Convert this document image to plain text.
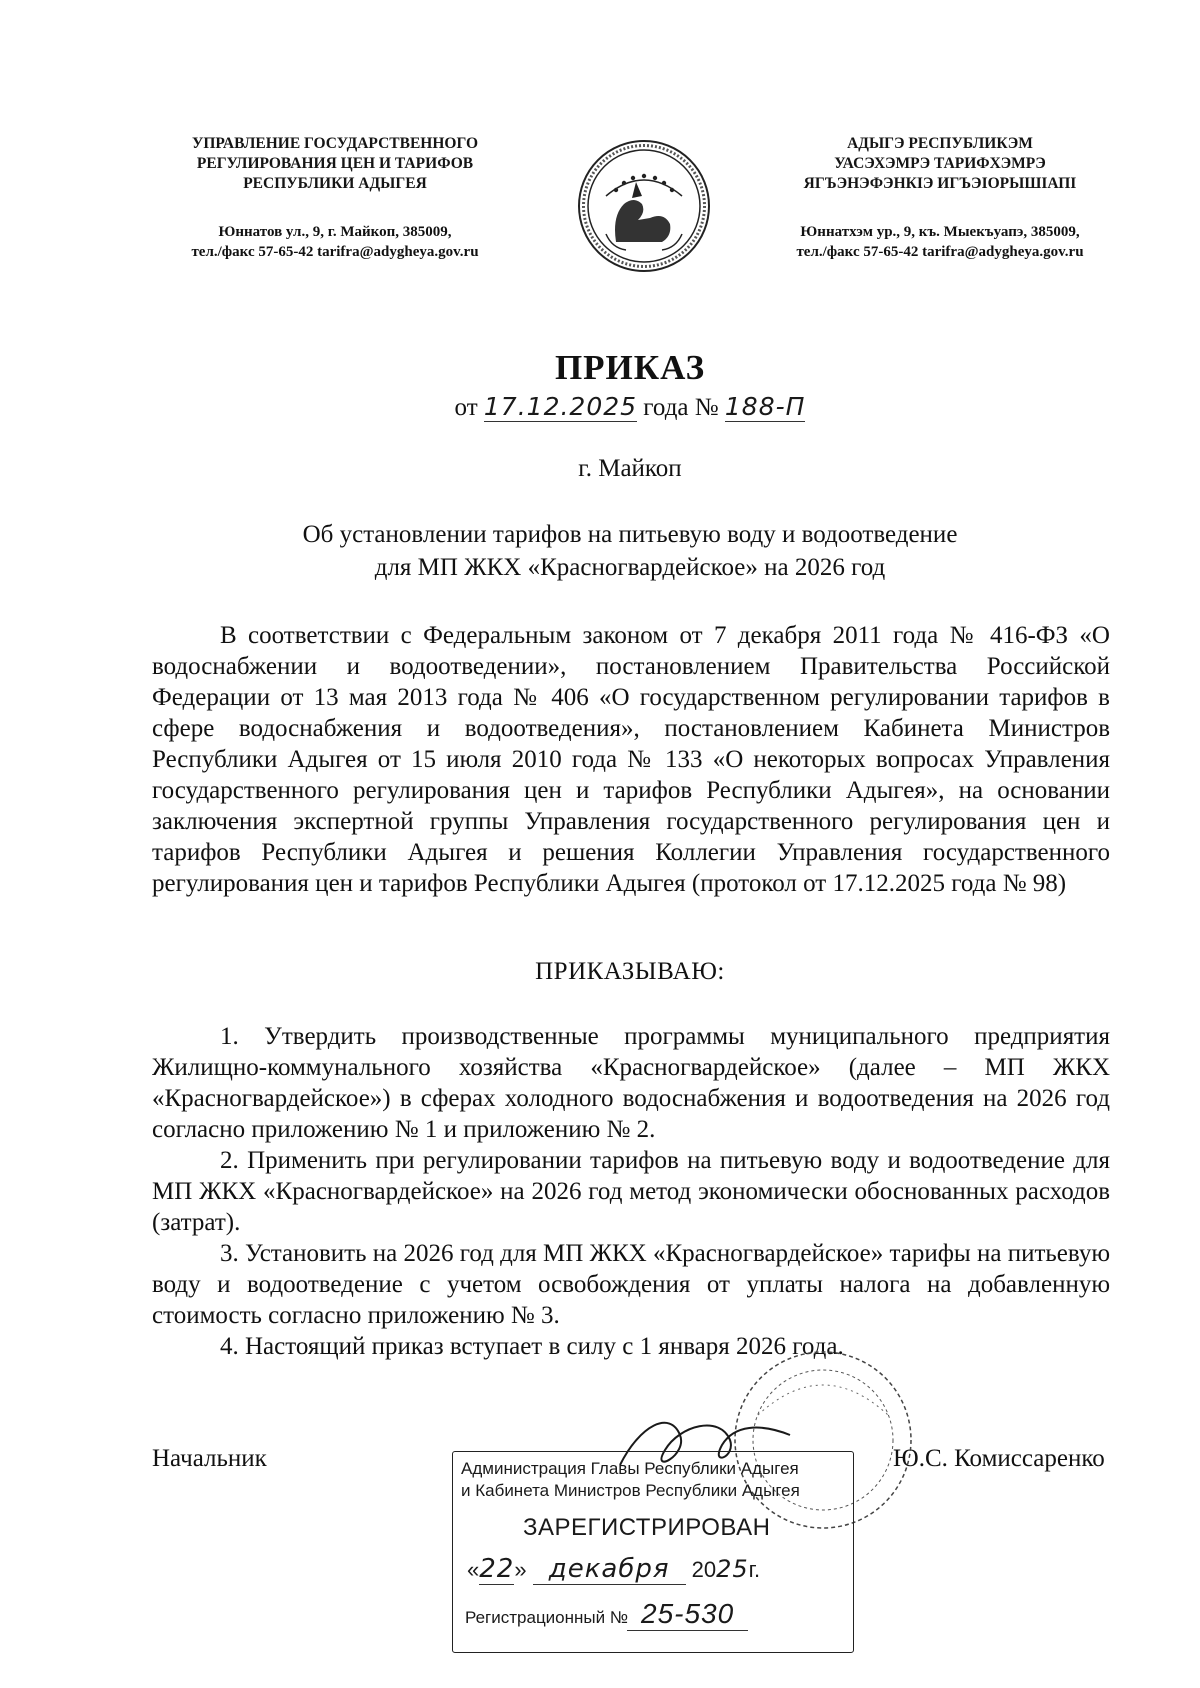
УПРАВЛЕНИЕ ГОСУДАРСТВЕННОГО
РЕГУЛИРОВАНИЯ ЦЕН И ТАРИФОВ
РЕСПУБЛИКИ АДЫГЕЯ
Юннатов ул., 9, г. Майкоп, 385009,
тел./факс 57-65-42 tarifra@adygheya.gov.ru
АДЫГЭ РЕСПУБЛИКЭМ
УАСЭХЭМРЭ ТАРИФХЭМРЭ
ЯГЪЭНЭФЭНКIЭ ИГЪЭIОРЫШIАПI
Юннатхэм ур., 9, къ. Мыекъуапэ, 385009,
тел./факс 57-65-42 tarifra@adygheya.gov.ru
ПРИКАЗ
от 17.12.2025 года № 188-П
г. Майкоп
Об установлении тарифов на питьевую воду и водоотведение
для МП ЖКХ «Красногвардейское» на 2026 год

В соответствии с Федеральным законом от 7 декабря 2011 года № 416-ФЗ «О водоснабжении и водоотведении», постановлением Правительства Российской Федерации от 13 мая 2013 года № 406 «О государственном регулировании тарифов в сфере водоснабжения и водоотведения», постановлением Кабинета Министров Республики Адыгея от 15 июля 2010 года № 133 «О некоторых вопросах Управления государственного регулирования цен и тарифов Республики Адыгея», на основании заключения экспертной группы Управления государственного регулирования цен и тарифов Республики Адыгея и решения Коллегии Управления государственного регулирования цен и тарифов Республики Адыгея (протокол от 17.12.2025 года № 98)

ПРИКАЗЫВАЮ:

1. Утвердить производственные программы муниципального предприятия Жилищно-коммунального хозяйства «Красногвардейское» (далее – МП ЖКХ «Красногвардейское») в сферах холодного водоснабжения и водоотведения на 2026 год согласно приложению № 1 и приложению № 2.

2. Применить при регулировании тарифов на питьевую воду и водоотведение для МП ЖКХ «Красногвардейское» на 2026 год метод экономически обоснованных расходов (затрат).

3. Установить на 2026 год для МП ЖКХ «Красногвардейское» тарифы на питьевую воду и водоотведение с учетом освобождения от уплаты налога на добавленную стоимость согласно приложению № 3.

4. Настоящий приказ вступает в силу с 1 января 2026 года.

Начальник	Ю.С. Комиссаренко
Администрация Главы Республики Адыгея
и Кабинета Министров Республики Адыгея
ЗАРЕГИСТРИРОВАН
«22» декабря 2025г.
Регистрационный № 25-530
